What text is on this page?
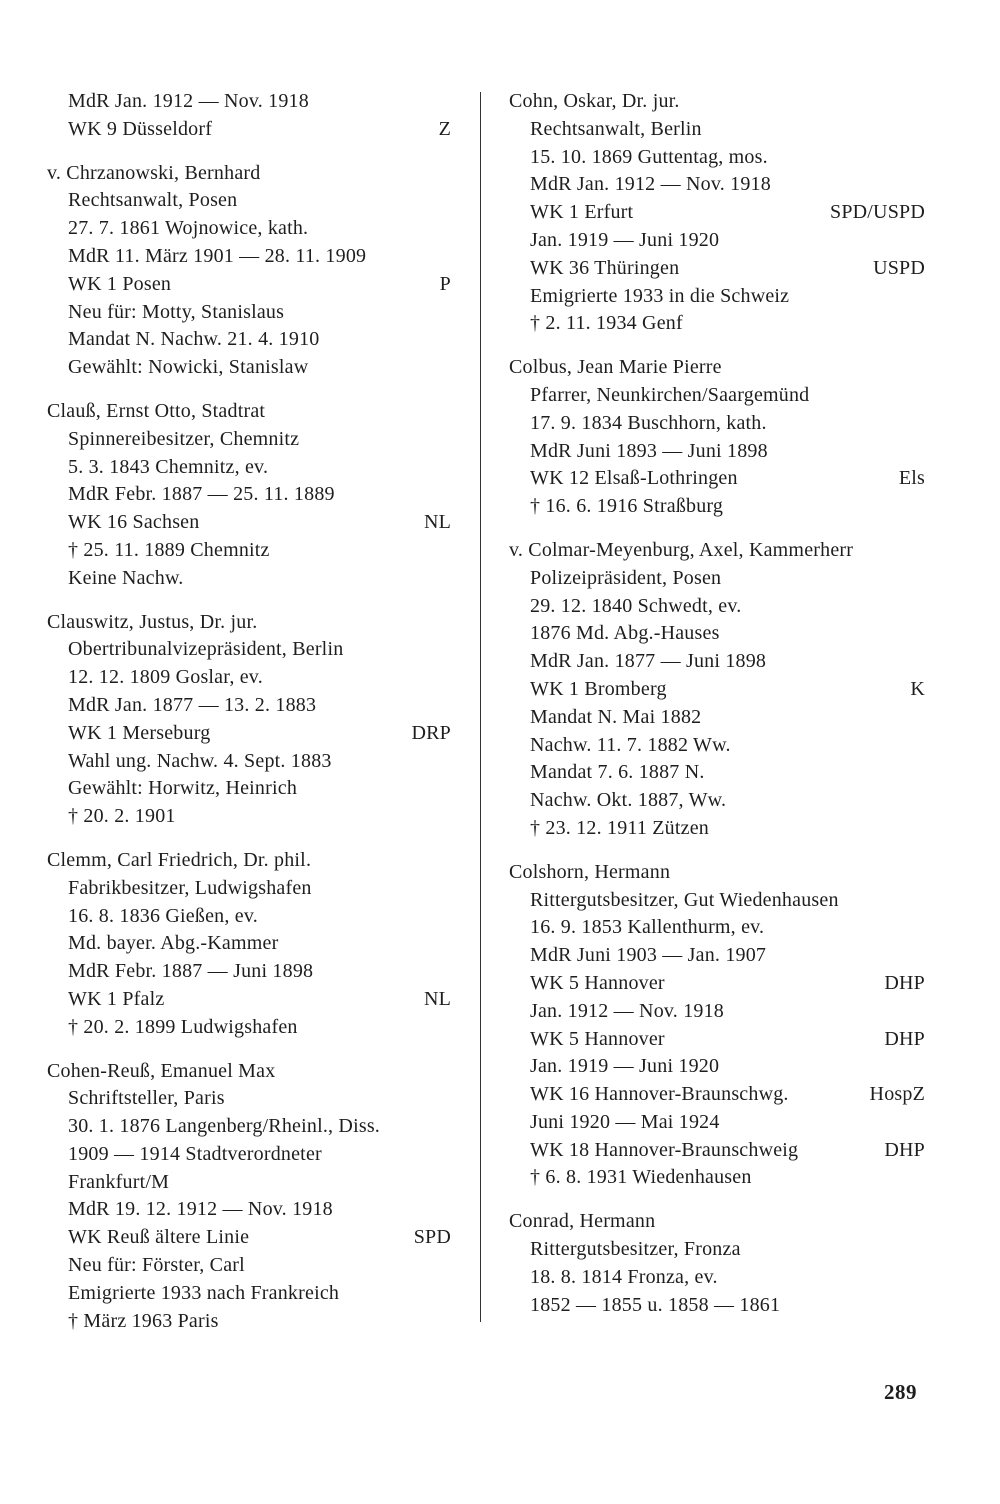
MdR Jan. 1912 — Nov. 1918
WK 9 Düsseldorf	Z
v. Chrzanowski, Bernhard
Rechtsanwalt, Posen
27. 7. 1861 Wojnowice, kath.
MdR 11. März 1901 — 28. 11. 1909
WK 1 Posen	P
Neu für: Motty, Stanislaus
Mandat N. Nachw. 21. 4. 1910
Gewählt: Nowicki, Stanislaw
Clauß, Ernst Otto, Stadtrat
Spinnereibesitzer, Chemnitz
5. 3. 1843 Chemnitz, ev.
MdR Febr. 1887 — 25. 11. 1889
WK 16 Sachsen	NL
† 25. 11. 1889 Chemnitz
Keine Nachw.
Clauswitz, Justus, Dr. jur.
Obertribunalvizepräsident, Berlin
12. 12. 1809 Goslar, ev.
MdR Jan. 1877 — 13. 2. 1883
WK 1 Merseburg	DRP
Wahl ung. Nachw. 4. Sept. 1883
Gewählt: Horwitz, Heinrich
† 20. 2. 1901
Clemm, Carl Friedrich, Dr. phil.
Fabrikbesitzer, Ludwigshafen
16. 8. 1836 Gießen, ev.
Md. bayer. Abg.-Kammer
MdR Febr. 1887 — Juni 1898
WK 1 Pfalz	NL
† 20. 2. 1899 Ludwigshafen
Cohen-Reuß, Emanuel Max
Schriftsteller, Paris
30. 1. 1876 Langenberg/Rheinl., Diss.
1909 — 1914 Stadtverordneter
Frankfurt/M
MdR 19. 12. 1912 — Nov. 1918
WK Reuß ältere Linie	SPD
Neu für: Förster, Carl
Emigrierte 1933 nach Frankreich
† März 1963 Paris
Cohn, Oskar, Dr. jur.
Rechtsanwalt, Berlin
15. 10. 1869 Guttentag, mos.
MdR Jan. 1912 — Nov. 1918
WK 1 Erfurt	SPD/USPD
Jan. 1919 — Juni 1920
WK 36 Thüringen	USPD
Emigrierte 1933 in die Schweiz
† 2. 11. 1934 Genf
Colbus, Jean Marie Pierre
Pfarrer, Neunkirchen/Saargemünd
17. 9. 1834 Buschhorn, kath.
MdR Juni 1893 — Juni 1898
WK 12 Elsaß-Lothringen	Els
† 16. 6. 1916 Straßburg
v. Colmar-Meyenburg, Axel, Kammerherr
Polizeipräsident, Posen
29. 12. 1840 Schwedt, ev.
1876 Md. Abg.-Hauses
MdR Jan. 1877 — Juni 1898
WK 1 Bromberg	K
Mandat N. Mai 1882
Nachw. 11. 7. 1882 Ww.
Mandat 7. 6. 1887 N.
Nachw. Okt. 1887, Ww.
† 23. 12. 1911 Zützen
Colshorn, Hermann
Rittergutsbesitzer, Gut Wiedenhausen
16. 9. 1853 Kallenthurm, ev.
MdR Juni 1903 — Jan. 1907
WK 5 Hannover	DHP
Jan. 1912 — Nov. 1918
WK 5 Hannover	DHP
Jan. 1919 — Juni 1920
WK 16 Hannover-Braunschwg.	HospZ
Juni 1920 — Mai 1924
WK 18 Hannover-Braunschweig	DHP
† 6. 8. 1931 Wiedenhausen
Conrad, Hermann
Rittergutsbesitzer, Fronza
18. 8. 1814 Fronza, ev.
1852 — 1855 u. 1858 — 1861
289
